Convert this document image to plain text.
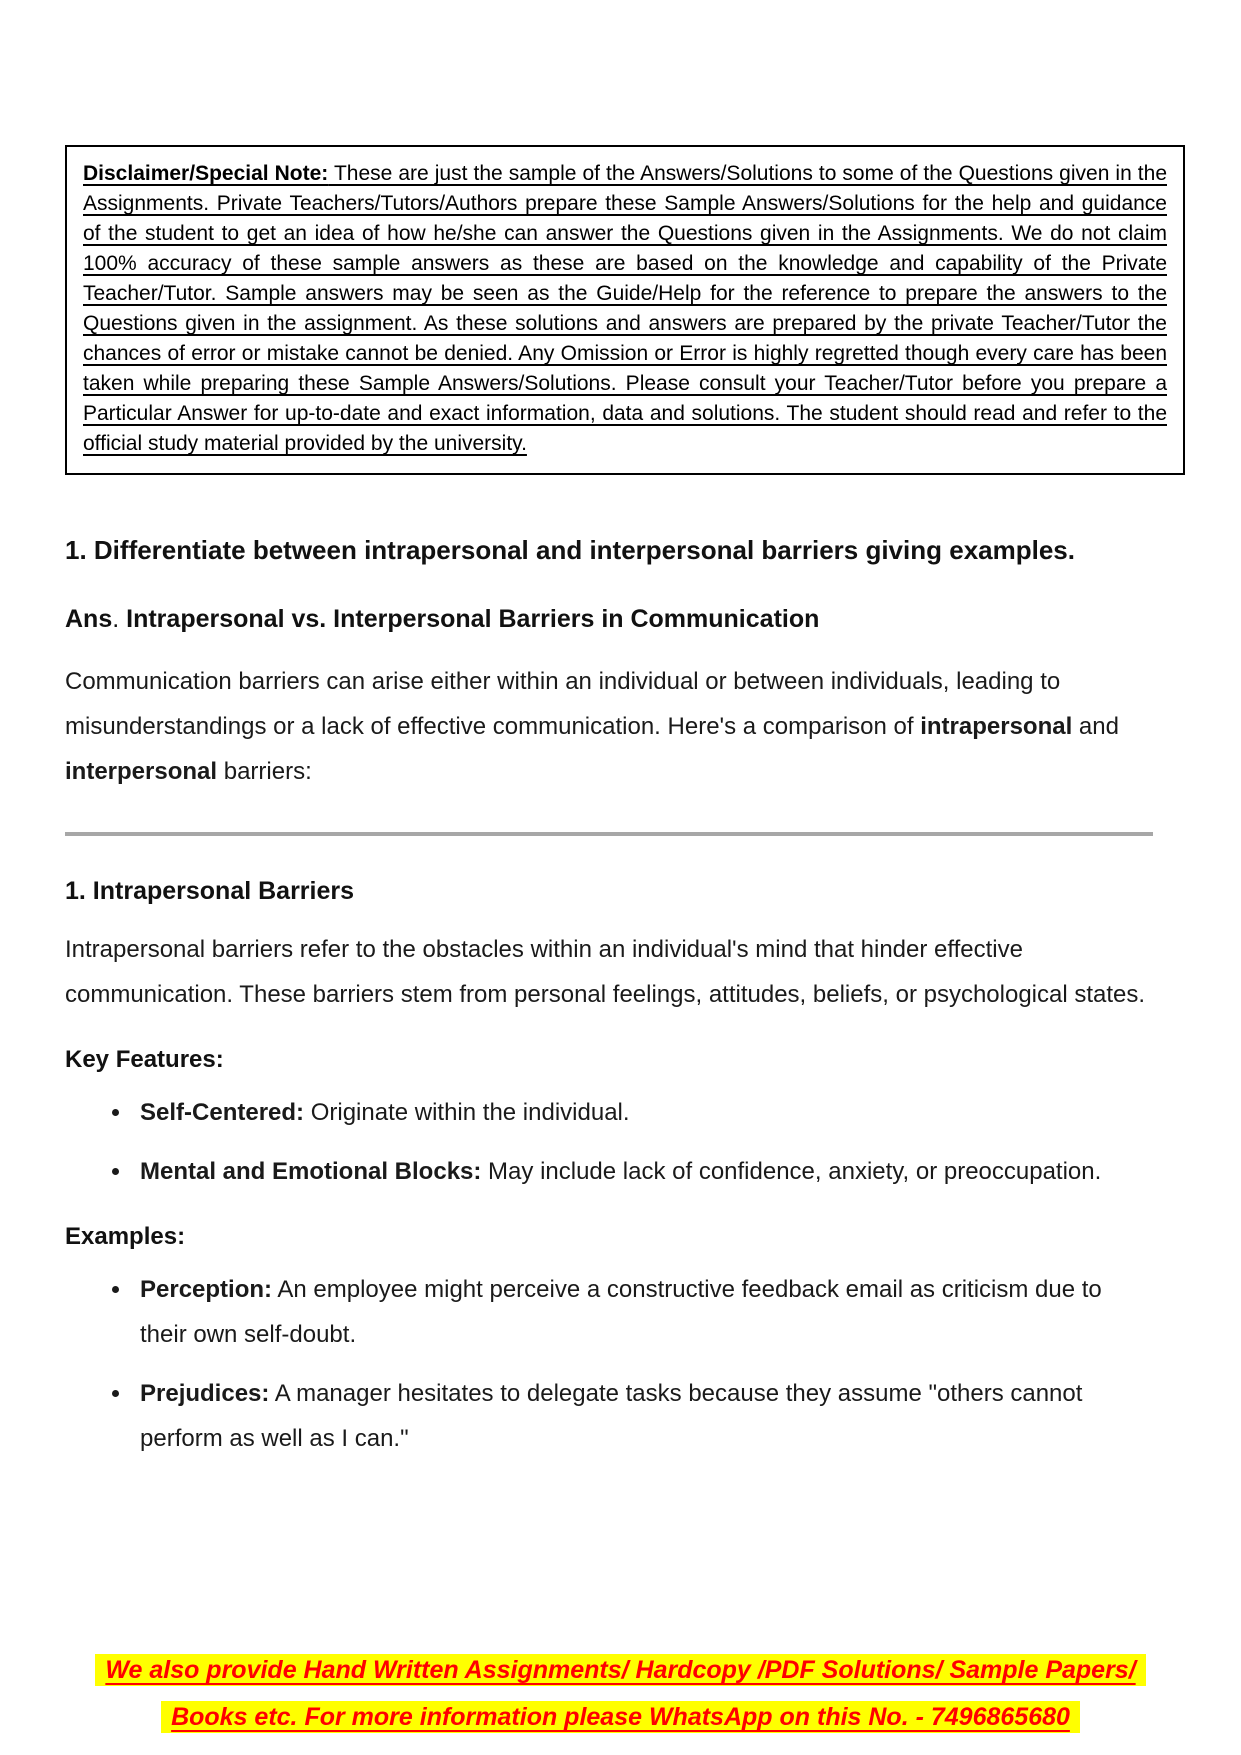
Disclaimer/Special Note: These are just the sample of the Answers/Solutions to some of the Questions given in the Assignments. Private Teachers/Tutors/Authors prepare these Sample Answers/Solutions for the help and guidance of the student to get an idea of how he/she can answer the Questions given in the Assignments. We do not claim 100% accuracy of these sample answers as these are based on the knowledge and capability of the Private Teacher/Tutor. Sample answers may be seen as the Guide/Help for the reference to prepare the answers to the Questions given in the assignment. As these solutions and answers are prepared by the private Teacher/Tutor the chances of error or mistake cannot be denied. Any Omission or Error is highly regretted though every care has been taken while preparing these Sample Answers/Solutions. Please consult your Teacher/Tutor before you prepare a Particular Answer for up-to-date and exact information, data and solutions. The student should read and refer to the official study material provided by the university.
1. Differentiate between intrapersonal and interpersonal barriers giving examples.
Ans. Intrapersonal vs. Interpersonal Barriers in Communication

Communication barriers can arise either within an individual or between individuals, leading to misunderstandings or a lack of effective communication. Here's a comparison of intrapersonal and interpersonal barriers:

1. Intrapersonal Barriers

Intrapersonal barriers refer to the obstacles within an individual's mind that hinder effective communication. These barriers stem from personal feelings, attitudes, beliefs, or psychological states.

Key Features:
Self-Centered: Originate within the individual.
Mental and Emotional Blocks: May include lack of confidence, anxiety, or preoccupation.
Examples:
Perception: An employee might perceive a constructive feedback email as criticism due to their own self-doubt.
Prejudices: A manager hesitates to delegate tasks because they assume "others cannot perform as well as I can."
We also provide Hand Written Assignments/ Hardcopy /PDF Solutions/ Sample Papers/
Books etc. For more information please WhatsApp on this No. - 7496865680
